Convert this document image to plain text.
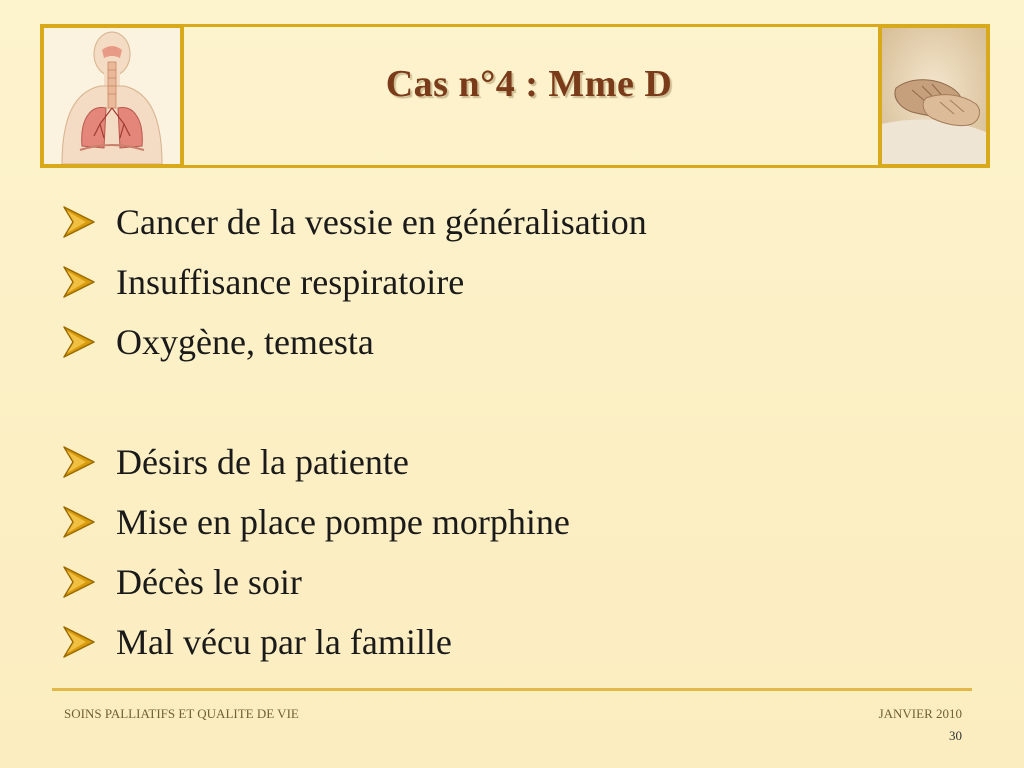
Cas n°4 : Mme D
Cancer de la vessie en généralisation
Insuffisance respiratoire
Oxygène, temesta
Désirs de la patiente
Mise en place pompe morphine
Décès le soir
Mal vécu par la famille
SOINS PALLIATIFS ET QUALITE DE VIE	JANVIER 2010
30
